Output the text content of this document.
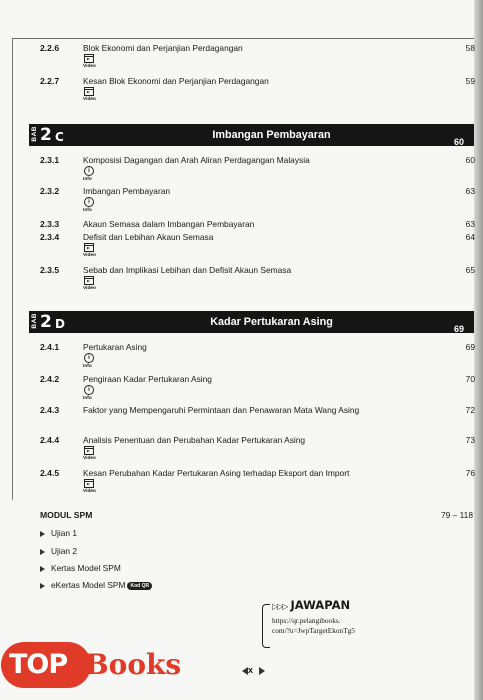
2.2.6	Blok Ekonomi dan Perjanjian Perdagangan	58
Video
2.2.7	Kesan Blok Ekonomi dan Perjanjian Perdagangan	59
Video
BAB 2 C	Imbangan Pembayaran
60
2.3.1	Komposisi Dagangan dan Arah Aliran Perdagangan Malaysia	60
i
Info
2.3.2	Imbangan Pembayaran	63
i
Info
2.3.3	Akaun Semasa dalam Imbangan Pembayaran	63
2.3.4	Defisit dan Lebihan Akaun Semasa	64
Video
2.3.5	Sebab dan Implikasi Lebihan dan Defisit Akaun Semasa	65
Video
BAB 2 D	Kadar Pertukaran Asing
69
2.4.1	Pertukaran Asing	69
i
Info
2.4.2	Pengiraan Kadar Pertukaran Asing	70
i
Info
2.4.3	Faktor yang Mempengaruhi Permintaan dan Penawaran Mata Wang Asing	72
2.4.4	Analisis Penentuan dan Perubahan Kadar Pertukaran Asing	73
Video
2.4.5	Kesan Perubahan Kadar Pertukaran Asing terhadap Eksport dan Import	76
Video
MODUL SPM	79 – 118
Ujian 1
Ujian 2
Kertas Model SPM
eKertas Model SPM Kod QR
▷▷▷ JAWAPAN
https://qr.pelangibooks.
com/?u=JwpTargetEkonTg5
x
TOP Books
